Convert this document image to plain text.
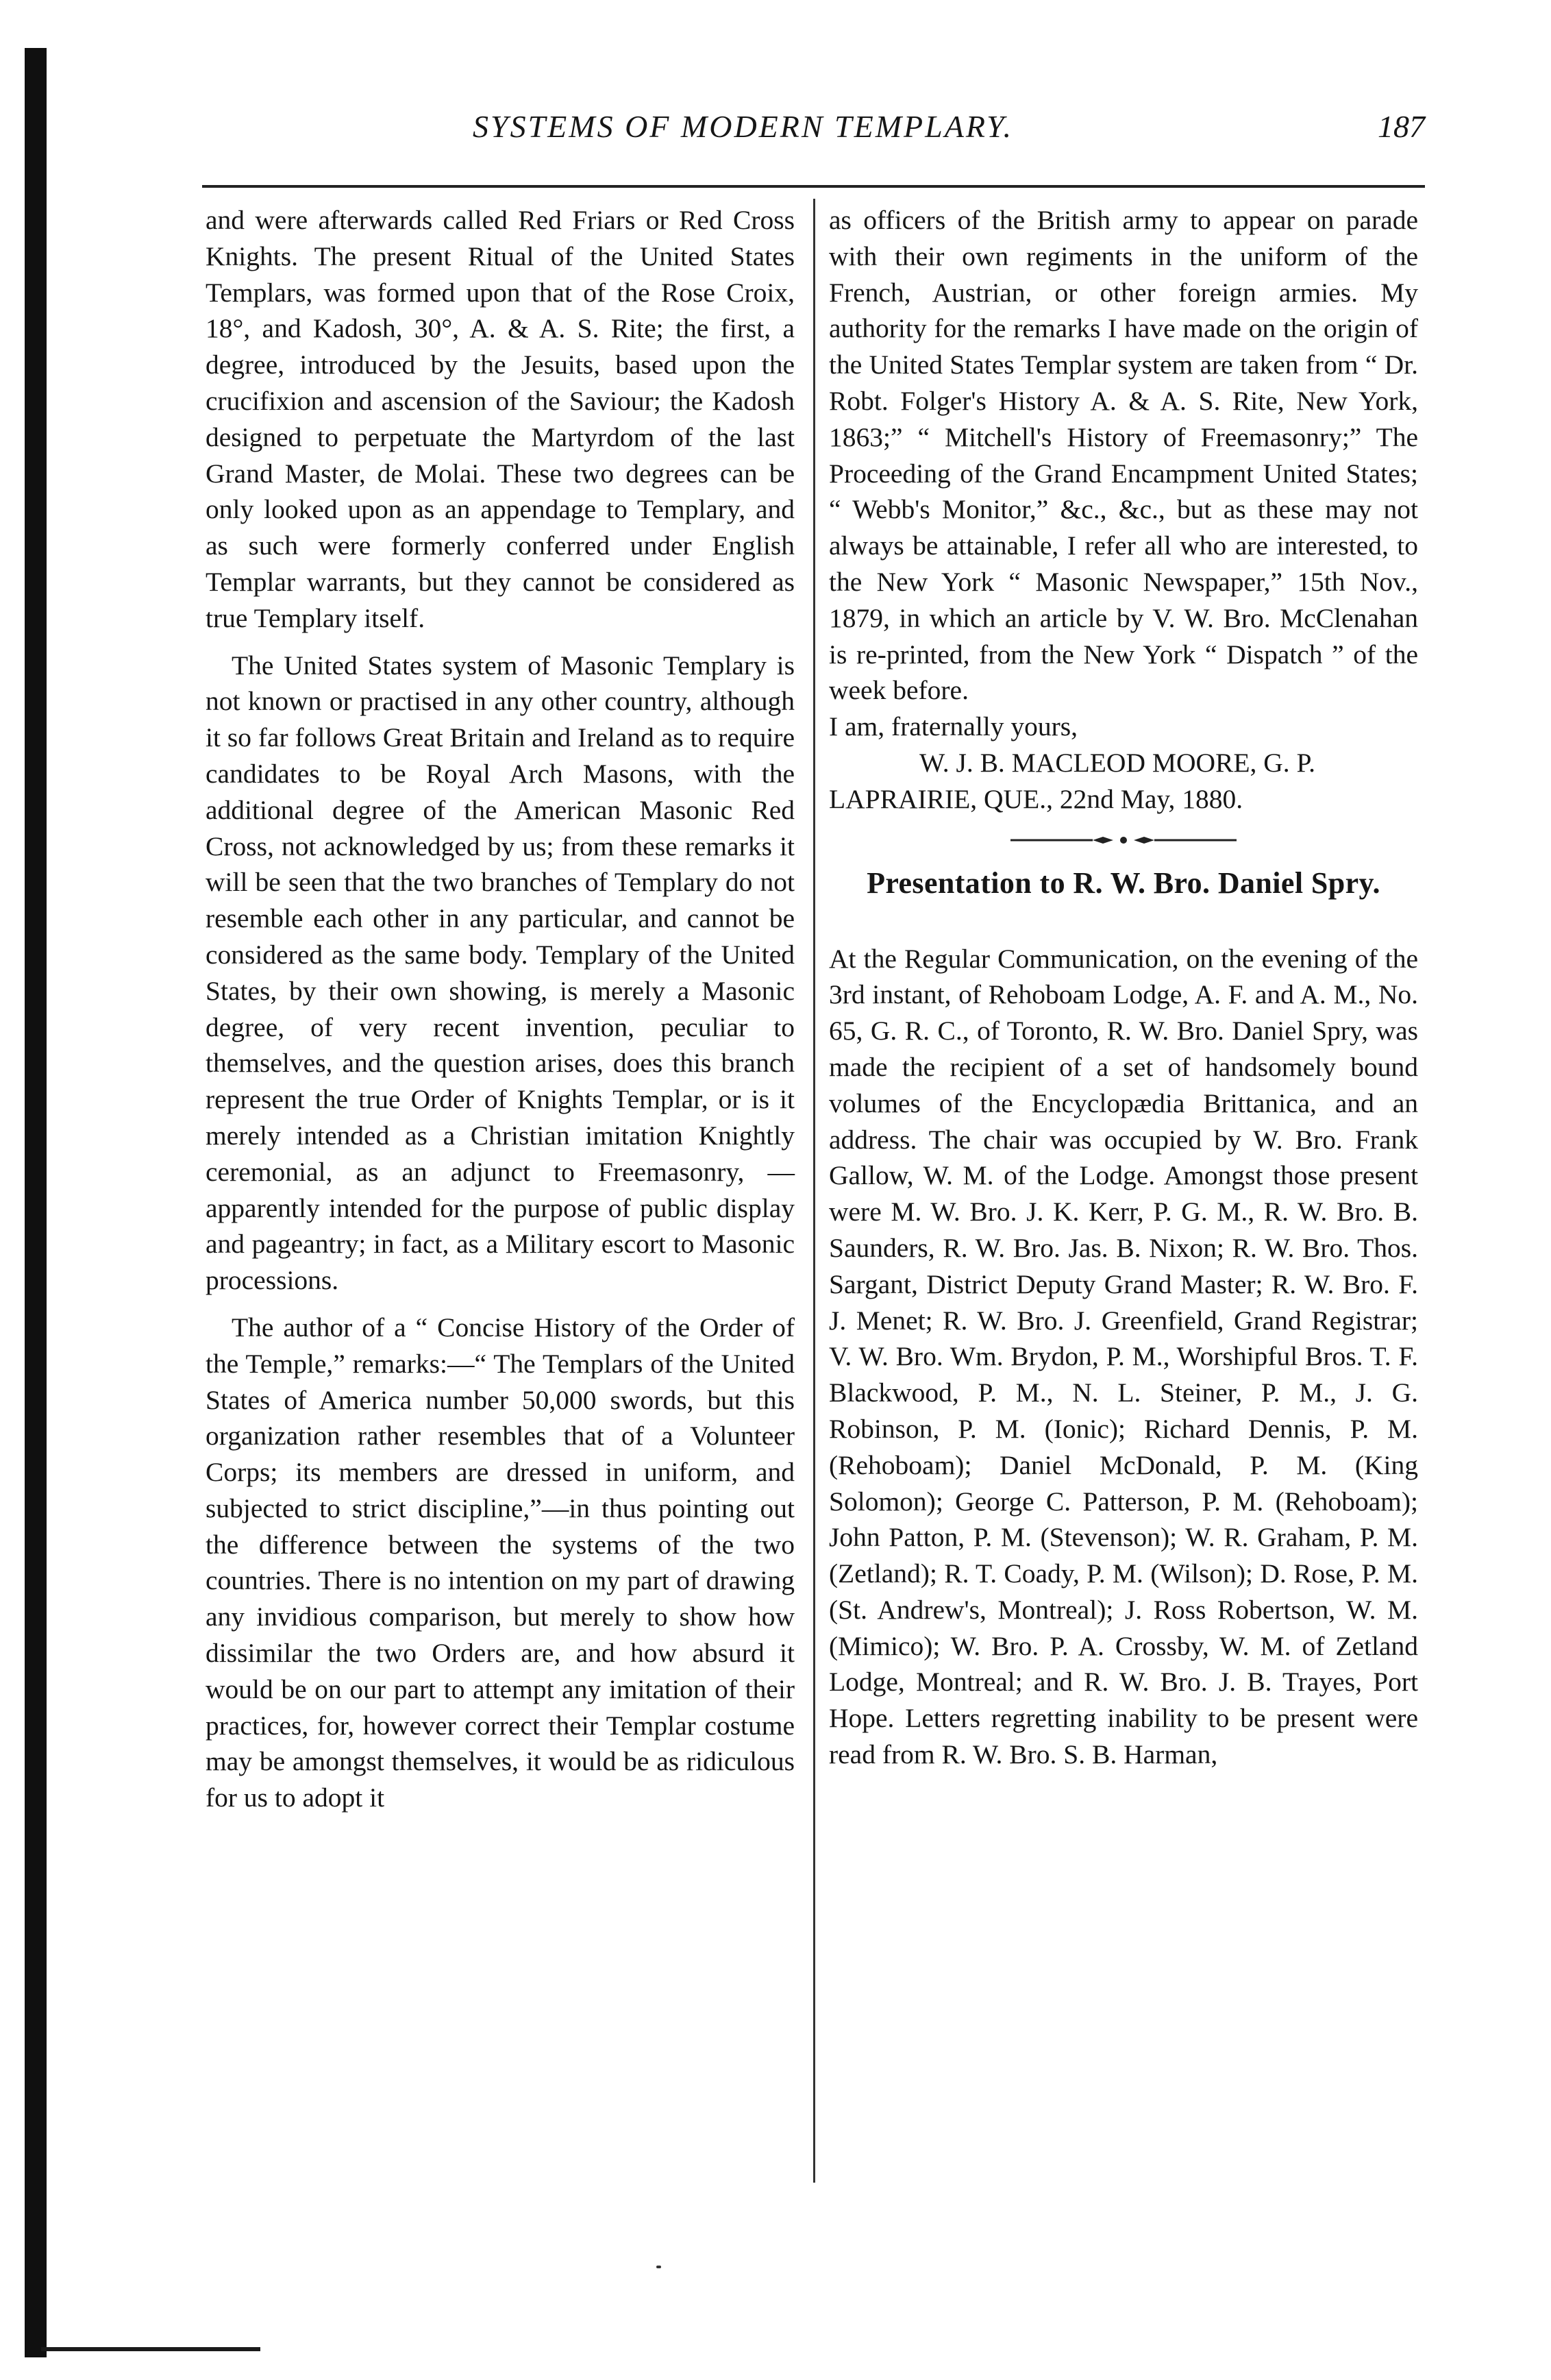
SYSTEMS OF MODERN TEMPLARY.	187

and were afterwards called Red Friars or Red Cross Knights. The present Ritual of the United States Templars, was formed upon that of the Rose Croix, 18°, and Kadosh, 30°, A. & A. S. Rite; the first, a degree, introduced by the Jesuits, based upon the crucifixion and ascension of the Saviour; the Kadosh designed to perpetuate the Martyrdom of the last Grand Master, de Molai. These two degrees can be only looked upon as an appendage to Templary, and as such were formerly conferred under English Templar warrants, but they cannot be considered as true Templary itself.

The United States system of Masonic Templary is not known or practised in any other country, although it so far follows Great Britain and Ireland as to require candidates to be Royal Arch Masons, with the additional degree of the American Masonic Red Cross, not acknowledged by us; from these remarks it will be seen that the two branches of Templary do not resemble each other in any particular, and cannot be considered as the same body. Templary of the United States, by their own showing, is merely a Masonic degree, of very recent invention, peculiar to themselves, and the question arises, does this branch represent the true Order of Knights Templar, or is it merely intended as a Christian imitation Knightly ceremonial, as an adjunct to Freemasonry, —apparently intended for the purpose of public display and pageantry; in fact, as a Military escort to Masonic processions.

The author of a “ Concise History of the Order of the Temple,” remarks:—“ The Templars of the United States of America number 50,000 swords, but this organization rather resembles that of a Volunteer Corps; its members are dressed in uniform, and subjected to strict discipline,”—in thus pointing out the difference between the systems of the two countries. There is no intention on my part of drawing any invidious comparison, but merely to show how dissimilar the two Orders are, and how absurd it would be on our part to attempt any imitation of their practices, for, however correct their Templar costume may be amongst themselves, it would be as ridiculous for us to adopt it

as officers of the British army to appear on parade with their own regiments in the uniform of the French, Austrian, or other foreign armies. My authority for the remarks I have made on the origin of the United States Templar system are taken from “ Dr. Robt. Folger's History A. & A. S. Rite, New York, 1863;” “ Mitchell's History of Freemasonry;” The Proceeding of the Grand Encampment United States; “ Webb's Monitor,” &c., &c., but as these may not always be attainable, I refer all who are interested, to the New York “ Masonic Newspaper,” 15th Nov., 1879, in which an article by V. W. Bro. McClenahan is re-printed, from the New York “ Dispatch ” of the week before.

I am, fraternally yours,

W. J. B. MACLEOD MOORE, G. P.

LAPRAIRIE, QUE., 22nd May, 1880.

Presentation to R. W. Bro. Daniel Spry.

At the Regular Communication, on the evening of the 3rd instant, of Rehoboam Lodge, A. F. and A. M., No. 65, G. R. C., of Toronto, R. W. Bro. Daniel Spry, was made the recipient of a set of handsomely bound volumes of the Encyclopædia Brittanica, and an address. The chair was occupied by W. Bro. Frank Gallow, W. M. of the Lodge. Amongst those present were M. W. Bro. J. K. Kerr, P. G. M., R. W. Bro. B. Saunders, R. W. Bro. Jas. B. Nixon; R. W. Bro. Thos. Sargant, District Deputy Grand Master; R. W. Bro. F. J. Menet; R. W. Bro. J. Greenfield, Grand Registrar; V. W. Bro. Wm. Brydon, P. M., Worshipful Bros. T. F. Blackwood, P. M., N. L. Steiner, P. M., J. G. Robinson, P. M. (Ionic); Richard Dennis, P. M. (Rehoboam); Daniel McDonald, P. M. (King Solomon); George C. Patterson, P. M. (Rehoboam); John Patton, P. M. (Stevenson); W. R. Graham, P. M. (Zetland); R. T. Coady, P. M. (Wilson); D. Rose, P. M. (St. Andrew's, Montreal); J. Ross Robertson, W. M. (Mimico); W. Bro. P. A. Crossby, W. M. of Zetland Lodge, Montreal; and R. W. Bro. J. B. Trayes, Port Hope. Letters regretting inability to be present were read from R. W. Bro. S. B. Harman,
